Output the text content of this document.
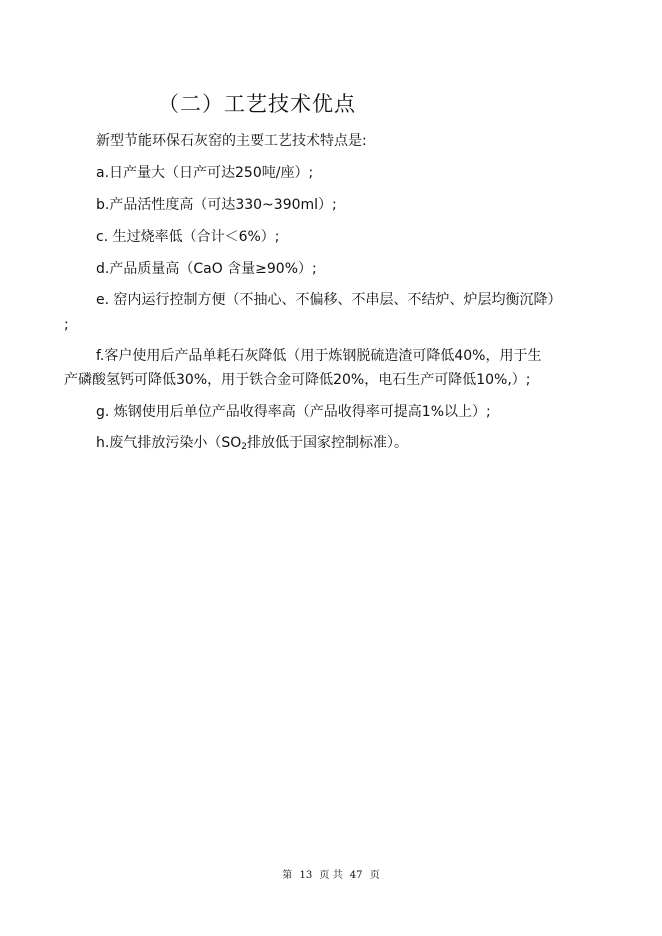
（二）工艺技术优点
新型节能环保石灰窑的主要工艺技术特点是:
a.日产量大（日产可达250吨/座）;
b.产品活性度高（可达330~390ml）;
c. 生过烧率低（合计＜6%）;
d.产品质量高（CaO 含量≥90%）;
e. 窑内运行控制方便（不抽心、不偏移、不串层、不结炉、炉层均衡沉降）
;
f.客户使用后产品单耗石灰降低（用于炼钢脱硫造渣可降低40%，用于生
产磷酸氢钙可降低30%，用于铁合金可降低20%，电石生产可降低10%,）;
g. 炼钢使用后单位产品收得率高（产品收得率可提高1%以上）;
h.废气排放污染小（$SO_2$排放低于国家控制标准）。
第 13 页 共 47 页
